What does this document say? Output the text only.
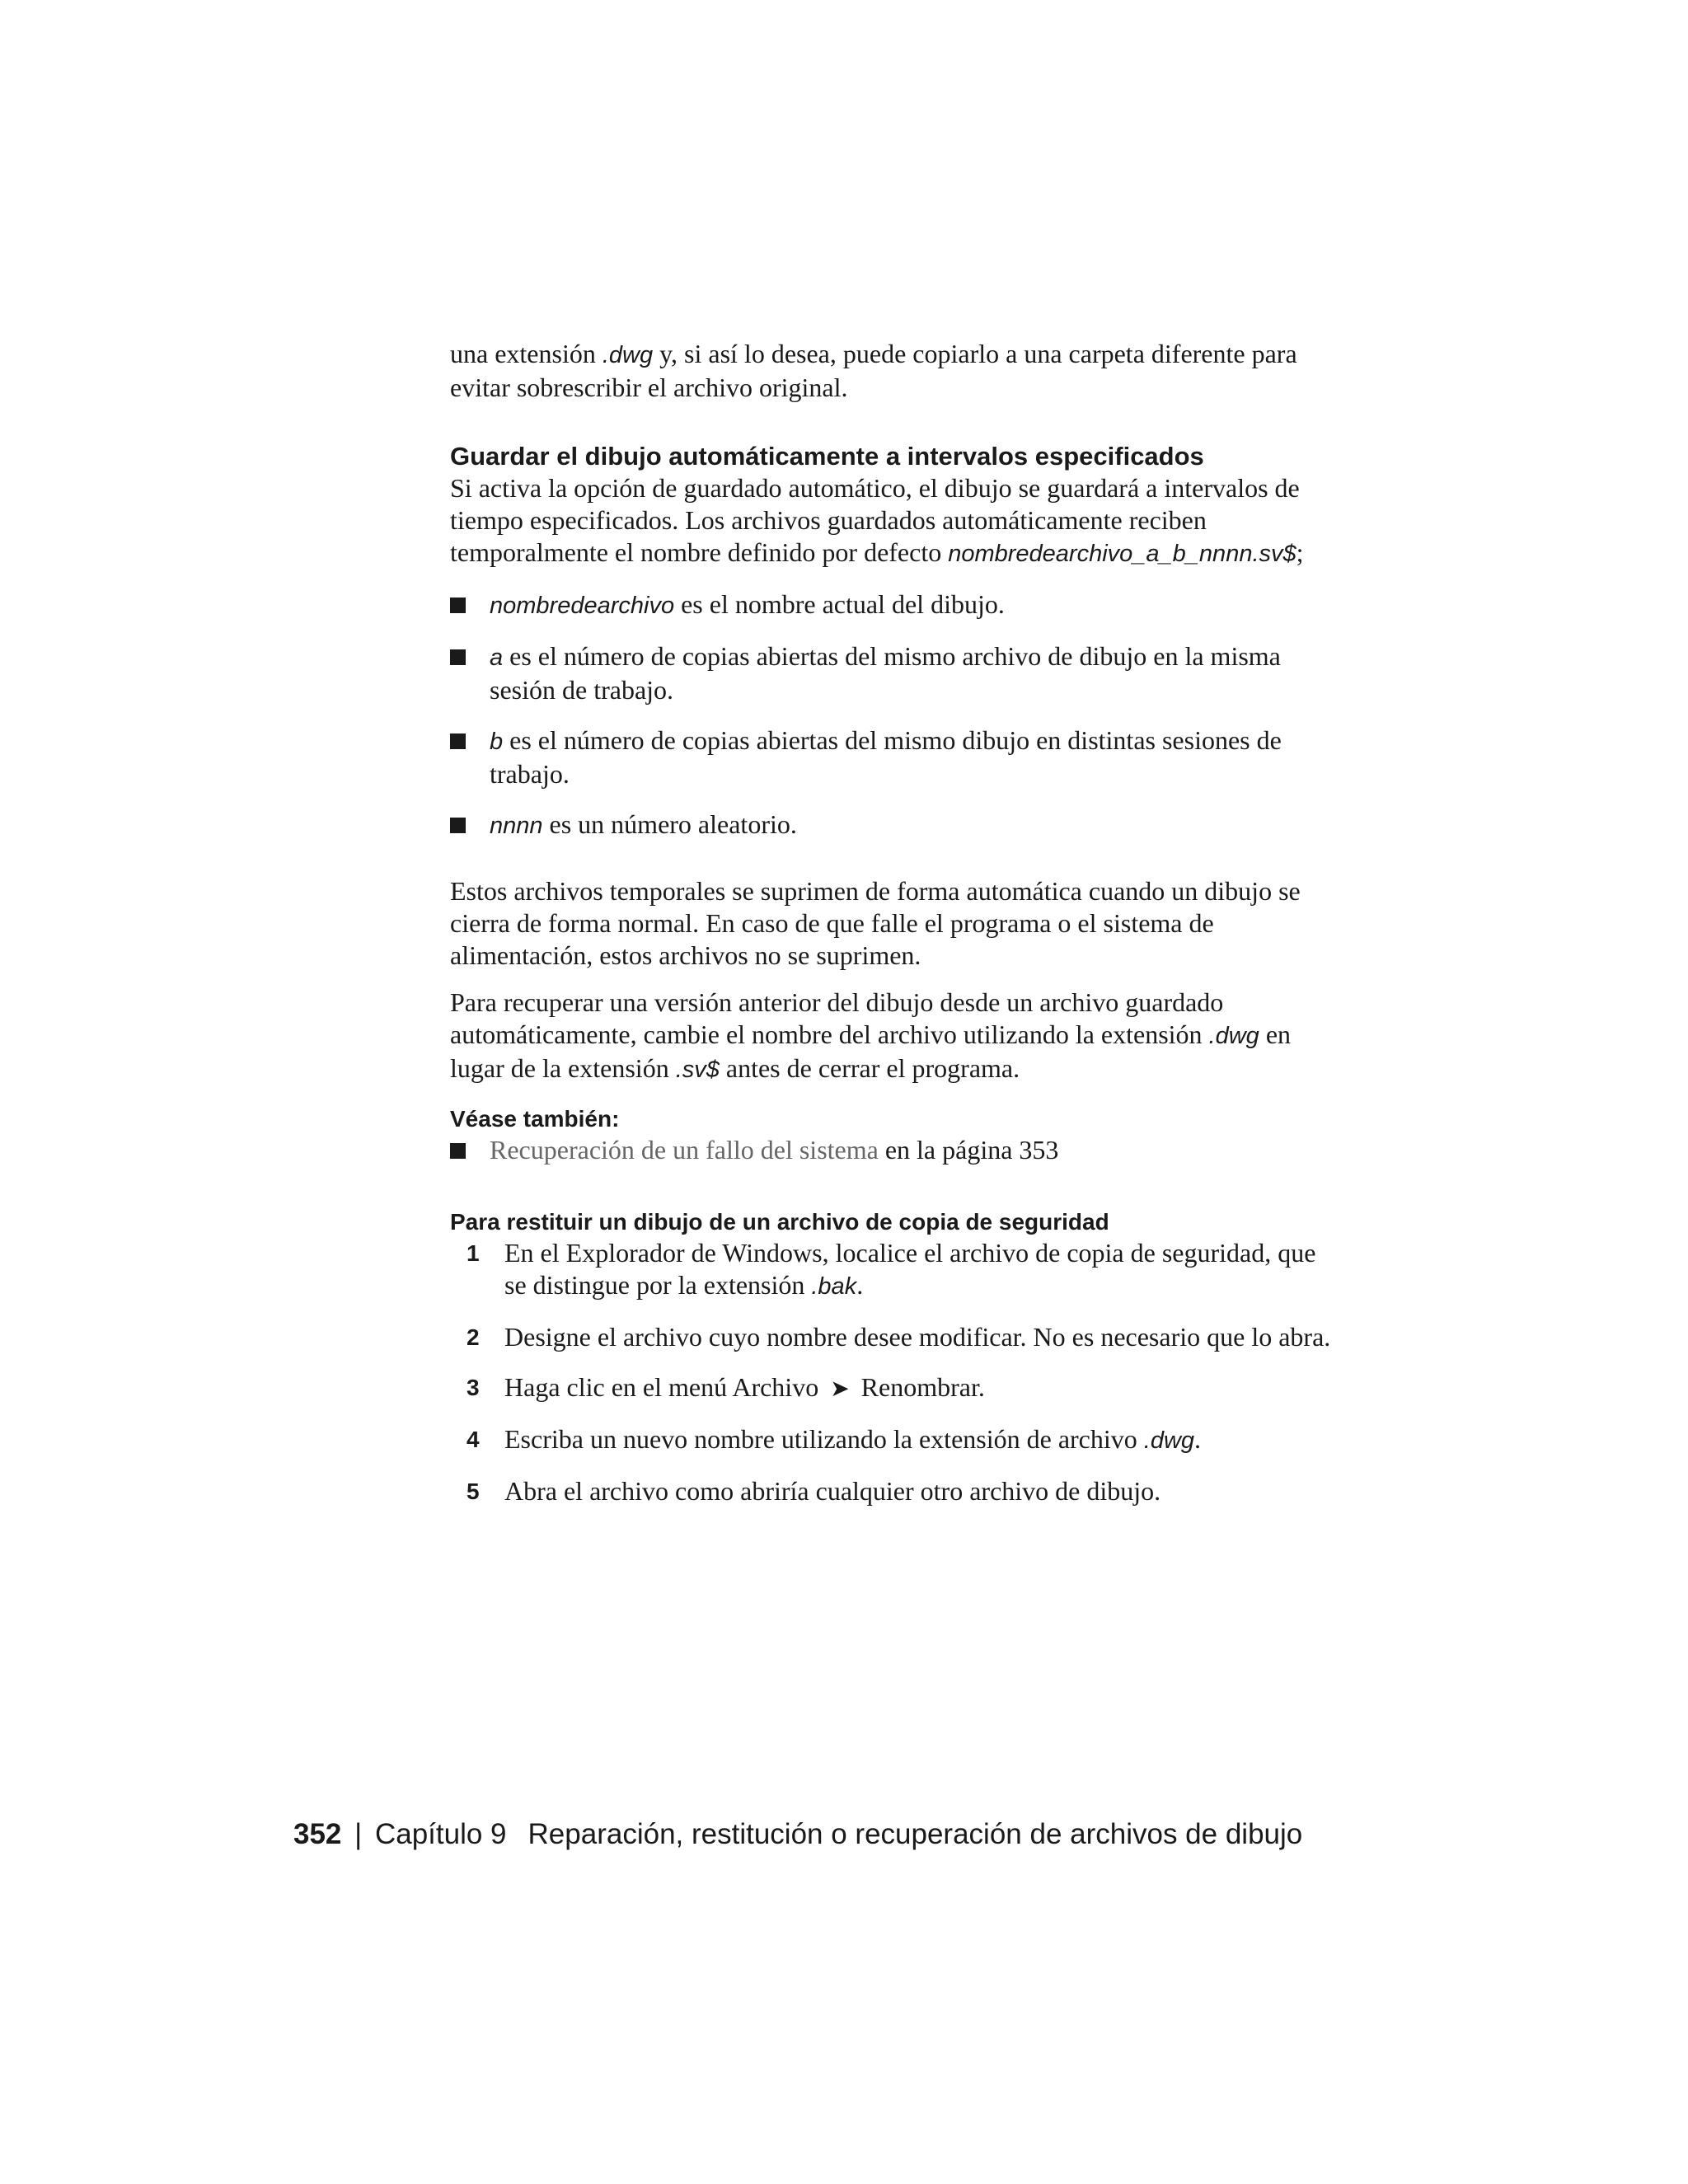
una extensión .dwg y, si así lo desea, puede copiarlo a una carpeta diferente para evitar sobrescribir el archivo original.

Guardar el dibujo automáticamente a intervalos especificados

Si activa la opción de guardado automático, el dibujo se guardará a intervalos de tiempo especificados. Los archivos guardados automáticamente reciben temporalmente el nombre definido por defecto nombredearchivo_a_b_nnnn.sv$;

nombredearchivo es el nombre actual del dibujo.
a es el número de copias abiertas del mismo archivo de dibujo en la misma sesión de trabajo.
b es el número de copias abiertas del mismo dibujo en distintas sesiones de trabajo.
nnnn es un número aleatorio.

Estos archivos temporales se suprimen de forma automática cuando un dibujo se cierra de forma normal. En caso de que falle el programa o el sistema de alimentación, estos archivos no se suprimen.

Para recuperar una versión anterior del dibujo desde un archivo guardado automáticamente, cambie el nombre del archivo utilizando la extensión .dwg en lugar de la extensión .sv$ antes de cerrar el programa.

Véase también:

Recuperación de un fallo del sistema en la página 353

Para restituir un dibujo de un archivo de copia de seguridad

1 En el Explorador de Windows, localice el archivo de copia de seguridad, que se distingue por la extensión .bak.
2 Designe el archivo cuyo nombre desee modificar. No es necesario que lo abra.
3 Haga clic en el menú Archivo ➤ Renombrar.
4 Escriba un nuevo nombre utilizando la extensión de archivo .dwg.
5 Abra el archivo como abriría cualquier otro archivo de dibujo.
352 | Capítulo 9 Reparación, restitución o recuperación de archivos de dibujo
